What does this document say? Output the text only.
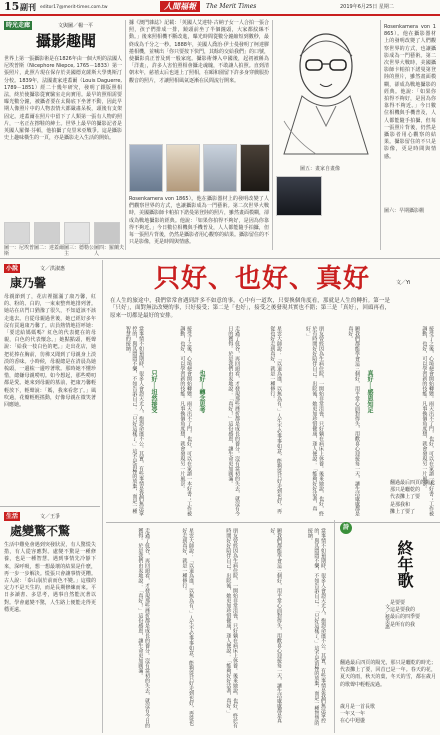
15 副刊 editor17@merit-times.com.tw	人間福報	The Merit Times	2019年6月25日 星期二
時光走廊	文與圖／楊一平
攝影趣聞

世界上第一張攝影術是在1826年由一個大明的法國人尼埃普斯（Nicephore Niepce, 1765－1833）第一張照片，此照片現在保存於美國德克薩斯大學奧斯汀分校。1839年，法國畫家達蓋爾（Louis Daguerre, 1789－1851）經二十幾年研究，發明了銀版照相法，終於使攝影從實驗室走向實用。最早的照相需要曝光數分鐘，被攝者要在太陽底下坐著不動，因此早期人像照片中的人物表情大都嚴肅呆板，頭後有支架固定。達蓋爾在照片中留下了人類第一張有人物的照片，一名正在擦鞋的紳士。世界上最早的攝影記者是英國人羅傑·芬頓，他拍攝了克里米亞戰爭。這是攝影史上趣味橫生的一頁，亦是攝影走入生活的開始。

圖一：尼埃普斯
圖二：達蓋爾 圖三：德勒公主
圖四：羅蘭夫人

據《澳門雜誌》記載：「英國人艾達特·古納子女一人合拍一張合照，孩子們排成一排，鏡頭前坐了半個鐘頭，大家都紋絲不動。」後來照相機不斷改進，曝光時間從數分鐘縮短到數秒，最終成為千分之一秒。1888年，美國人喬治·伊士曼發明了柯達膠捲相機，並喊出「你只要按下快門，其餘的交給我們」的口號，使攝影真正普及到一般家庭。攝影術傳入中國後，起初被稱為「洋畫」，許多人害怕照相會攝走魂魄，不敢讓人拍照。直到清朝末年，慈禧太后也迷上了照相，在頤和園留下許多身穿戲服扮觀音的照片，才讓照相風氣逐漸在民間流行開來。

Rosenkamera von 1865）。他在攝影器材上的發明改變了人們觀察世界的方式，也讓攝影成為一門藝術。第二次世界大戰時，美國攝影師卡帕拍下諾曼第登陸的照片，雖然畫面模糊，卻成為戰地攝影的經典。他說：「如果你拍得不夠好，是因為你靠得不夠近。」今日數位相機與手機普及，人人都能隨手拍攝，但每一張照片背後，仍然是攝影者用心觀察的結果。攝影留住的不只是影像，更是時間與情感。

圖五：畫家自畫像

Rosenkamera von 1865）。他在攝影器材上的發明改變了人們觀察世界的方式，也讓攝影成為一門藝術。第二次世界大戰時，美國攝影師卡帕拍下諾曼第登陸的照片，雖然畫面模糊，卻成為戰地攝影的經典。他說：「如果你拍得不夠好，是因為你靠得不夠近。」今日數位相機與手機普及，人人都能隨手拍攝，但每一張照片背後，仍然是攝影者用心觀察的結果。攝影留住的不只是影像，更是時間與情感。

圖六：早期攝影棚
小說	文／洪淑惠
康乃馨

母親節到了，花店裡擺滿了康乃馨，紅的、粉的、白的，一束束整齊地排列著。她站在店門口猶豫了很久，不知道該不該走進去。自從母親過世後，她已經好多年沒有買過康乃馨了。店員熱情地招呼她：「要送給媽媽嗎？紅色的代表健在的母親，白色的代表懷念。」她點點頭，輕聲說：「給我一枝白色的吧。」走出花店，她把花捧在胸前，彷彿又聞到了母親身上淡淡的香味。小時候，母親總是在清晨為她梳頭，一邊梳一邊哼著歌。那時她不懂珍惜，總嫌母親嘮叨。如今想起，那些嘮叨都是愛。她來到母親的墓前，把康乃馨輕輕放下，輕聲說：「媽，我來看您了。」風吹過，花瓣輕輕搖動，好像母親在微笑著回應她。

生活	文／王爭
處變驚不驚

生活中難免會遇到突發狀況，有人驚慌失措，有人從容應對。處變不驚是一種修養，也是一種智慧。遇到事情先冷靜下來，深呼吸，想一想最壞的結果是什麼，再一步一步解決。慌張只會讓事情更糟。古人說：「泰山崩於前而色不變。」這樣的定力不是天生的，而是長期修練而來。平日多讀書、多思考，遇事自然能沉著以對。學會處變不驚，人生路上便能走得更穩更遠。

只好、也好、真好	文／Yi

在人生的旅途中，我們常常會遇到許多不如意的事。心中有一道坎，只要換個角度看，那就是人生的轉折。第一是「只好」，面對無法改變的事，只好接受；第二是「也好」，接受之後發現其實也不錯；第三是「真好」，回頭再看，原來一切都是最好的安排。

當事情不如預期時，很多人會怨天尤人，抱怨命運不公。其實，有些事情是我們無法掌控的，與其悶悶不樂，不如告訴自己：「只好這樣了。」這不是消極的放棄，而是一種智慧的接納。
只好──坦然接受	接受了之後，心境便會開始轉變。雨天出不了門，也好，可以在家讀一本好書；工作被調動，也好，可以學習新的技能。凡事換個角度想，就會發現另一片風景。	也好──轉念思考	走過了低谷，再回頭看，才發現那些挫折都是成長的養分。沒有當初的失去，就沒有今日的獲得。於是我們由衷地說：「真好！」這份感恩，讓生命更加圓滿。	星雲大師說：「以退為進，以無為有。」人生不必事事如意，能夠從只好走到也好，再從也好走到真好，就是一種修行。	朋友曾經因為生病住院，一開始非常沮喪，只好躺在病床上休養。後來她說，也好，終於有時間好好陪伴自己。出院後，她更加珍惜健康，逢人便說：「能夠好好活著，真好。」	願我們都能學會這三個好，用平常心面對得失，用歡喜心迎接每一天，讓生活處處都是真好。
真好──感恩知足	接受了之後，心境便會開始轉變。雨天出不了門，也好，可以在家讀一本好書；工作被調動，也好，可以學習新的技能。凡事換個角度想，就會發現另一片風景。
走過了低谷，再回頭看，才發現那些挫折都是成長的養分。沒有當初的失去，就沒有今日的獲得。於是我們由衷地說：「真好！」這份感恩，讓生命更加圓滿。	星雲大師說：「以退為進，以無為有。」人生不必事事如意，能夠從只好走到也好，再從也好走到真好，就是一種修行。	朋友曾經因為生病住院，一開始非常沮喪，只好躺在病床上休養。後來她說，也好，終於有時間好好陪伴自己。出院後，她更加珍惜健康，逢人便說：「能夠好好活著，真好。」	願我們都能學會這三個好，用平常心面對得失，用歡喜心迎接每一天，讓生活處處都是真好。	當事情不如預期時，很多人會怨天尤人，抱怨命運不公。其實，有些事情是我們無法掌控的，與其悶悶不樂，不如告訴自己：「只好這樣了。」這不是消極的放棄，而是一種智慧的接納。
詩
終年歌
文／蔡美惠

翻過最后四頁的陽光，那只是曬乾的時光；代表攤上了要，回首已是一年。春天的花，夏天的雨，秋天的葉，冬天的雪，都在歲月的歌聲中輕輕流過。

歲月是一首長歌

一年又一年

在心中迴盪

翻過最后四頁的陽光

那只是曬乾的

代表攤上了要

是那我和

攤上了要了

是要要

這是要我的

最后的四季要

是所有的我
